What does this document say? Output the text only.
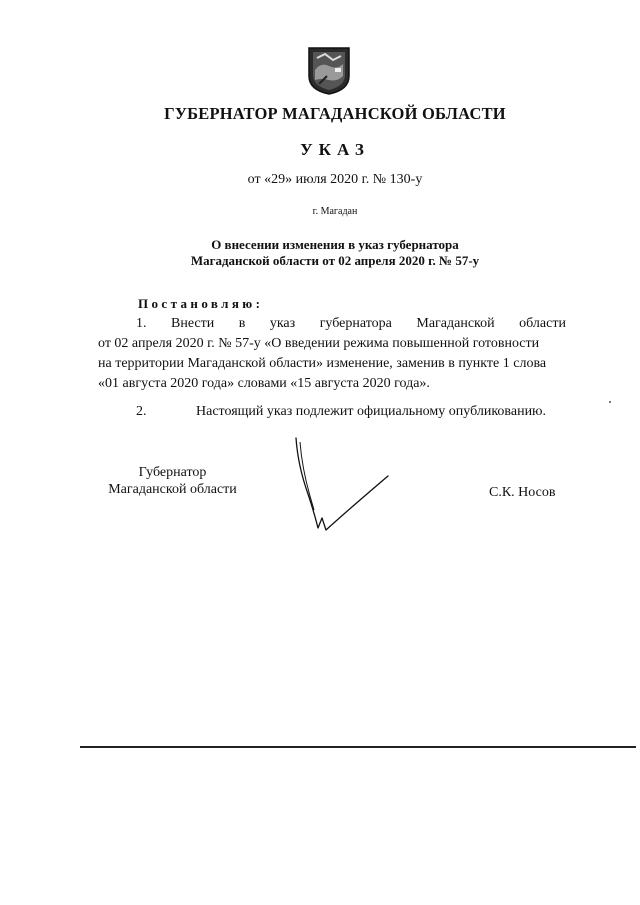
ГУБЕРНАТОР МАГАДАНСКОЙ ОБЛАСТИ
УКАЗ
от «29» июля 2020 г. № 130-у
г. Магадан
О внесении изменения в указ губернатора
Магаданской области от 02 апреля 2020 г. № 57-у
Постановляю:
1. Внести в указ губернатора Магаданской области
от 02 апреля 2020 г. № 57-у «О введении режима повышенной готовности
на территории Магаданской области» изменение, заменив в пункте 1 слова
«01 августа 2020 года» словами «15 августа 2020 года».
2.	Настоящий указ подлежит официальному опубликованию.
Губернатор
Магаданской области	С.К. Носов
